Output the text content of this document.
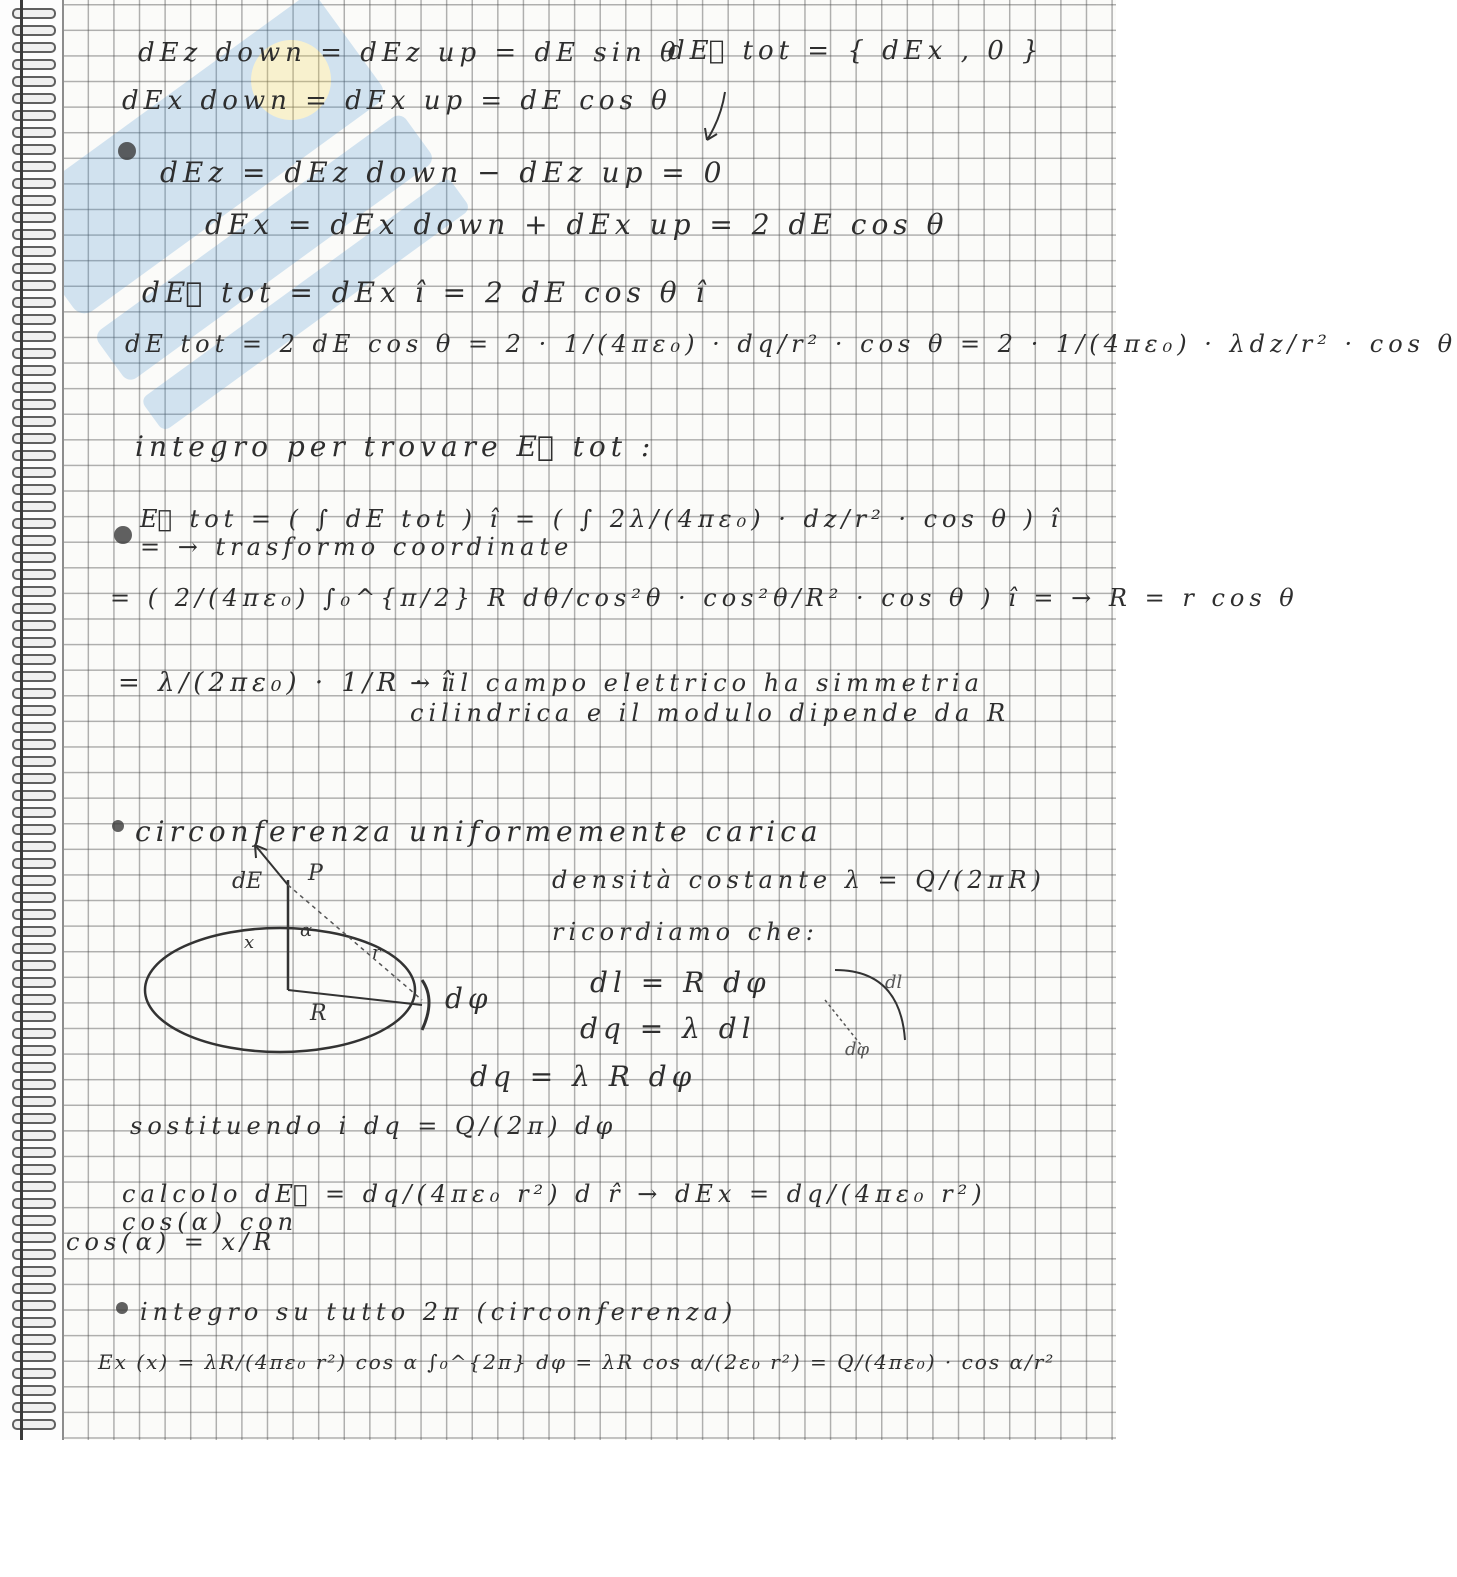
dEz down = dEz up = dE sin θ
dE⃗ tot = { dEx , 0 }
dEx down = dEx up = dE cos θ
dEz = dEz down − dEz up = 0
dEx = dEx down + dEx up = 2 dE cos θ
dE⃗ tot = dEx î = 2 dE cos θ î
dE tot = 2 dE cos θ = 2 · 1/(4πε₀) · dq/r² · cos θ = 2 · 1/(4πε₀) · λdz/r² · cos θ
integro per trovare E⃗ tot :
E⃗ tot = ( ∫ dE tot ) î = ( ∫ 2λ/(4πε₀) · dz/r² · cos θ ) î = → trasformo coordinate
= ( 2/(4πε₀) ∫₀^{π/2} R dθ/cos²θ · cos²θ/R² · cos θ ) î = → R = r cos θ
= λ/(2πε₀) · 1/R · î
→ il campo elettrico ha simmetria cilindrica e il modulo dipende da R
circonferenza uniformemente carica
dE P
x
α
r
R	dφ
densità costante λ = Q/(2πR)
ricordiamo che:
dl = R dφ
dq = λ dl
dq = λ R dφ
dl
dφ
sostituendo i dq = Q/(2π) dφ
calcolo dE⃗ = dq/(4πε₀ r²) d r̂ → dEx = dq/(4πε₀ r²) cos(α) con
cos(α) = x/R
integro su tutto 2π (circonferenza)
Ex (x) = λR/(4πε₀ r²) cos α ∫₀^{2π} dφ = λR cos α/(2ε₀ r²) = Q/(4πε₀) · cos α/r²
